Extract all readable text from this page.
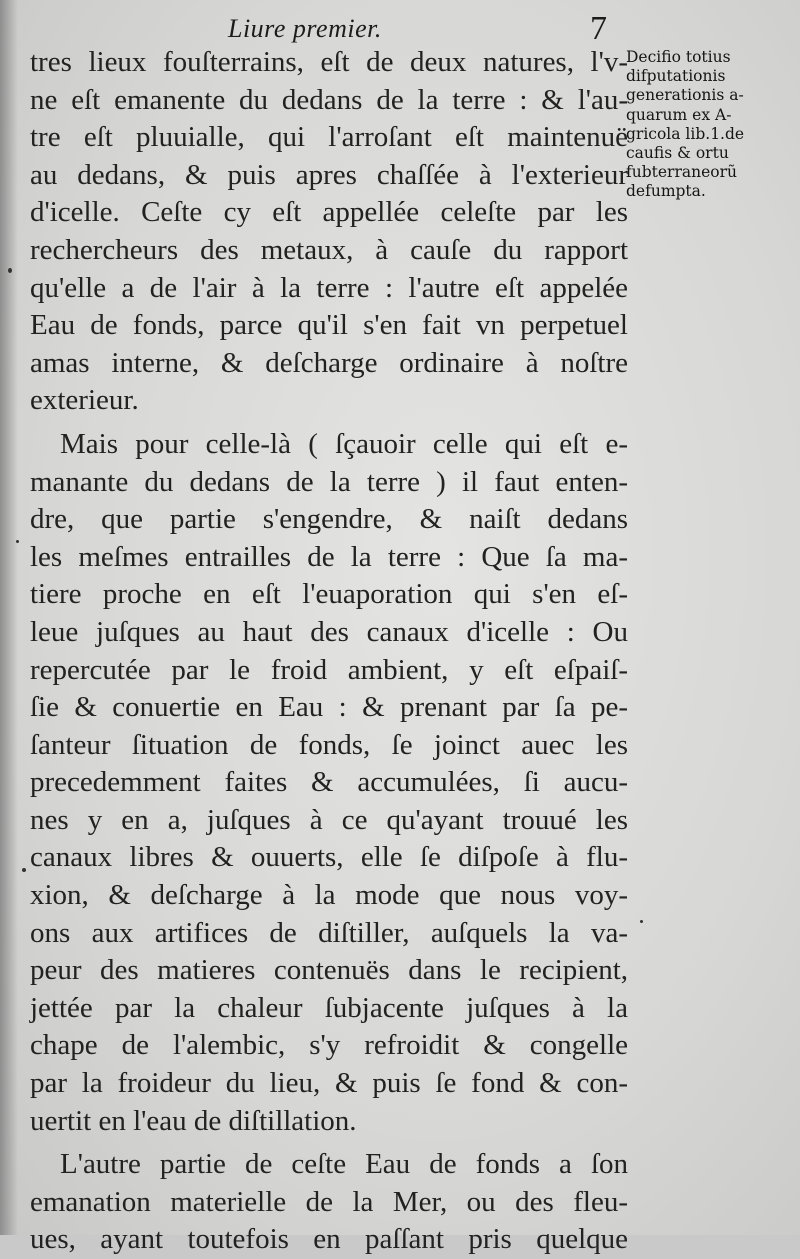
Liure premier.	7
Decifio totius
difputationis
generationis a-
quarum ex A-
gricola lib.1.de
caufis & ortu
fubterraneorũ
defumpta.
tres lieux fouſterrains, eſt de deux natures, l'v-
ne eſt emanente du dedans de la terre : & l'au-
tre eſt pluuialle, qui l'arroſant eſt maintenuë
au dedans, & puis apres chaſſée à l'exterieur
d'icelle. Ceſte cy eſt appellée celeſte par les
rechercheurs des metaux, à cauſe du rapport
qu'elle a de l'air à la terre : l'autre eſt appelée
Eau de fonds, parce qu'il s'en fait vn perpetuel
amas interne, & deſcharge ordinaire à noſtre
exterieur.
Mais pour celle-là ( ſçauoir celle qui eſt e-
manante du dedans de la terre ) il faut enten-
dre, que partie s'engendre, & naiſt dedans
les meſmes entrailles de la terre : Que ſa ma-
tiere proche en eſt l'euaporation qui s'en eſ-
leue juſques au haut des canaux d'icelle : Ou
repercutée par le froid ambient, y eſt eſpaiſ-
ſie & conuertie en Eau : & prenant par ſa pe-
ſanteur ſituation de fonds, ſe joinct auec les
precedemment faites & accumulées, ſi aucu-
nes y en a, juſques à ce qu'ayant trouué les
canaux libres & ouuerts, elle ſe diſpoſe à flu-
xion, & deſcharge à la mode que nous voy-
ons aux artifices de diſtiller, auſquels la va-
peur des matieres contenuës dans le recipient,
jettée par la chaleur ſubjacente juſques à la
chape de l'alembic, s'y refroidit & congelle
par la froideur du lieu, & puis ſe fond & con-
uertit en l'eau de diſtillation.
L'autre partie de ceſte Eau de fonds a ſon
emanation materielle de la Mer, ou des fleu-
ues, ayant toutefois en paſſant pris quelque
